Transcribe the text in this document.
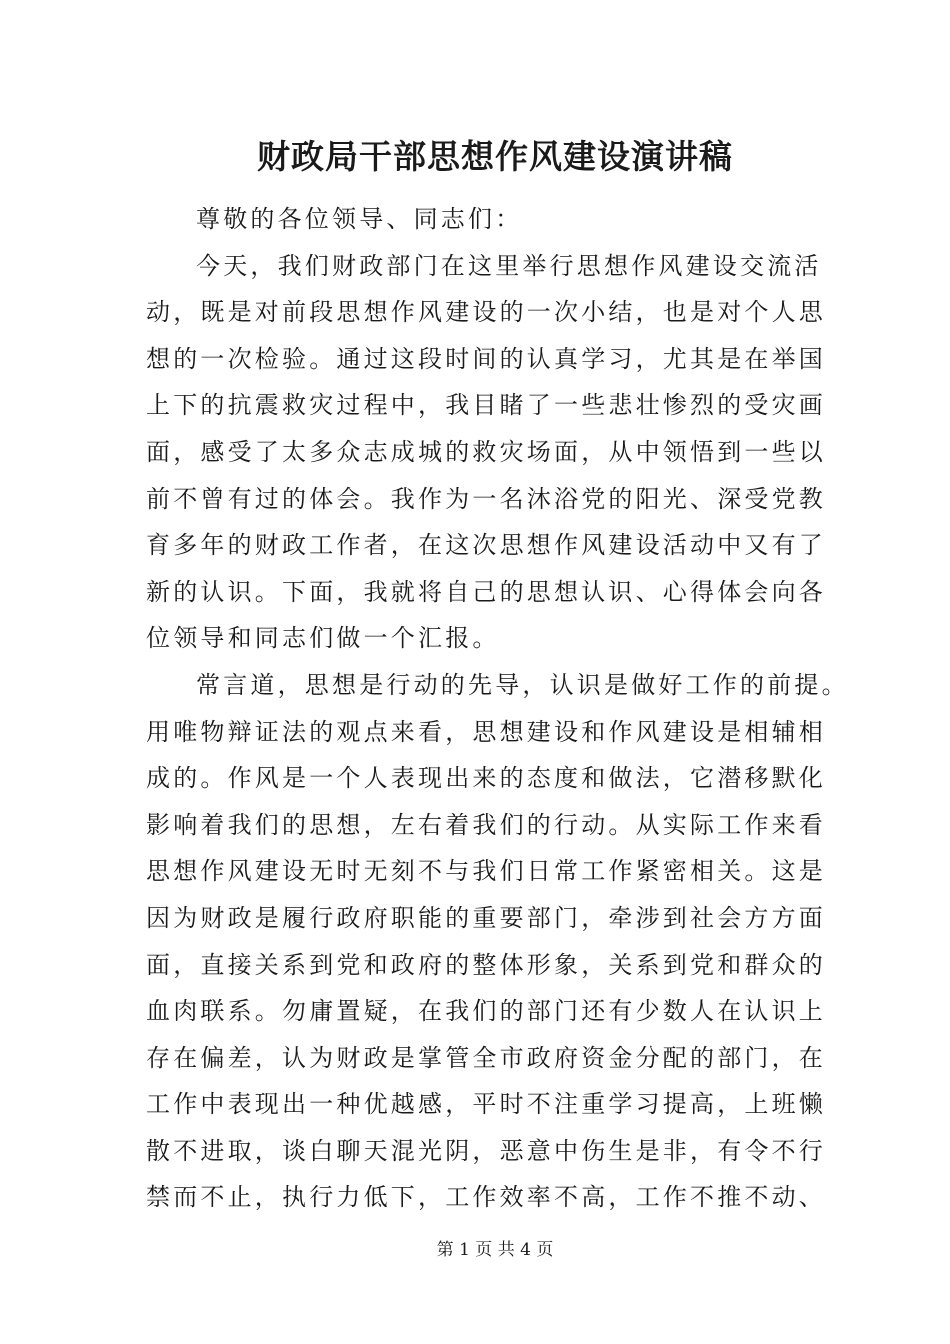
财政局干部思想作风建设演讲稿
尊敬的各位领导、同志们：
今天，我们财政部门在这里举行思想作风建设交流活
动，既是对前段思想作风建设的一次小结，也是对个人思
想的一次检验。通过这段时间的认真学习，尤其是在举国
上下的抗震救灾过程中，我目睹了一些悲壮惨烈的受灾画
面，感受了太多众志成城的救灾场面，从中领悟到一些以
前不曾有过的体会。我作为一名沐浴党的阳光、深受党教
育多年的财政工作者，在这次思想作风建设活动中又有了
新的认识。下面，我就将自己的思想认识、心得体会向各
位领导和同志们做一个汇报。
常言道，思想是行动的先导，认识是做好工作的前提。
用唯物辩证法的观点来看，思想建设和作风建设是相辅相
成的。作风是一个人表现出来的态度和做法，它潜移默化
影响着我们的思想，左右着我们的行动。从实际工作来看
思想作风建设无时无刻不与我们日常工作紧密相关。这是
因为财政是履行政府职能的重要部门，牵涉到社会方方面
面，直接关系到党和政府的整体形象，关系到党和群众的
血肉联系。勿庸置疑，在我们的部门还有少数人在认识上
存在偏差，认为财政是掌管全市政府资金分配的部门，在
工作中表现出一种优越感，平时不注重学习提高，上班懒
散不进取，谈白聊天混光阴，恶意中伤生是非，有令不行
禁而不止，执行力低下，工作效率不高，工作不推不动、
第 1 页 共 4 页
